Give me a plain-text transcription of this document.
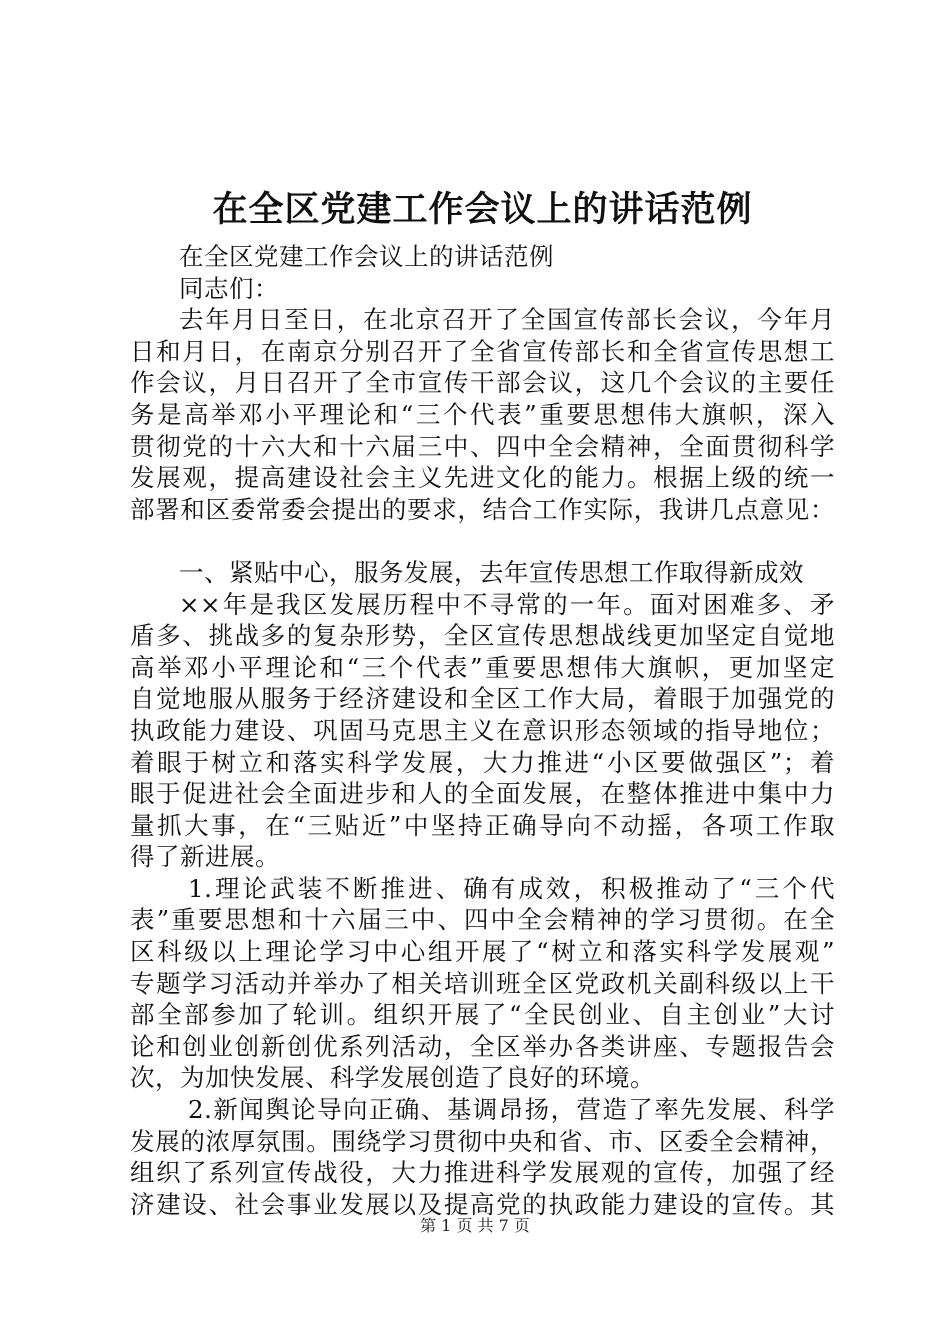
在全区党建工作会议上的讲话范例
在全区党建工作会议上的讲话范例
同志们：
去年月日至日，在北京召开了全国宣传部长会议，今年月
日和月日，在南京分别召开了全省宣传部长和全省宣传思想工
作会议，月日召开了全市宣传干部会议，这几个会议的主要任
务是高举邓小平理论和“三个代表”重要思想伟大旗帜，深入
贯彻党的十六大和十六届三中、四中全会精神，全面贯彻科学
发展观，提高建设社会主义先进文化的能力。根据上级的统一
部署和区委常委会提出的要求，结合工作实际，我讲几点意见：
一、紧贴中心，服务发展，去年宣传思想工作取得新成效
××年是我区发展历程中不寻常的一年。面对困难多、矛
盾多、挑战多的复杂形势，全区宣传思想战线更加坚定自觉地
高举邓小平理论和“三个代表”重要思想伟大旗帜，更加坚定
自觉地服从服务于经济建设和全区工作大局，着眼于加强党的
执政能力建设、巩固马克思主义在意识形态领域的指导地位；
着眼于树立和落实科学发展，大力推进“小区要做强区”；着
眼于促进社会全面进步和人的全面发展，在整体推进中集中力
量抓大事，在“三贴近”中坚持正确导向不动摇，各项工作取
得了新进展。
1.理论武装不断推进、确有成效，积极推动了“三个代
表”重要思想和十六届三中、四中全会精神的学习贯彻。在全
区科级以上理论学习中心组开展了“树立和落实科学发展观”
专题学习活动并举办了相关培训班全区党政机关副科级以上干
部全部参加了轮训。组织开展了“全民创业、自主创业”大讨
论和创业创新创优系列活动，全区举办各类讲座、专题报告会
次，为加快发展、科学发展创造了良好的环境。
2.新闻舆论导向正确、基调昂扬，营造了率先发展、科学
发展的浓厚氛围。围绕学习贯彻中央和省、市、区委全会精神，
组织了系列宣传战役，大力推进科学发展观的宣传，加强了经
济建设、社会事业发展以及提高党的执政能力建设的宣传。其
第 1 页 共 7 页
